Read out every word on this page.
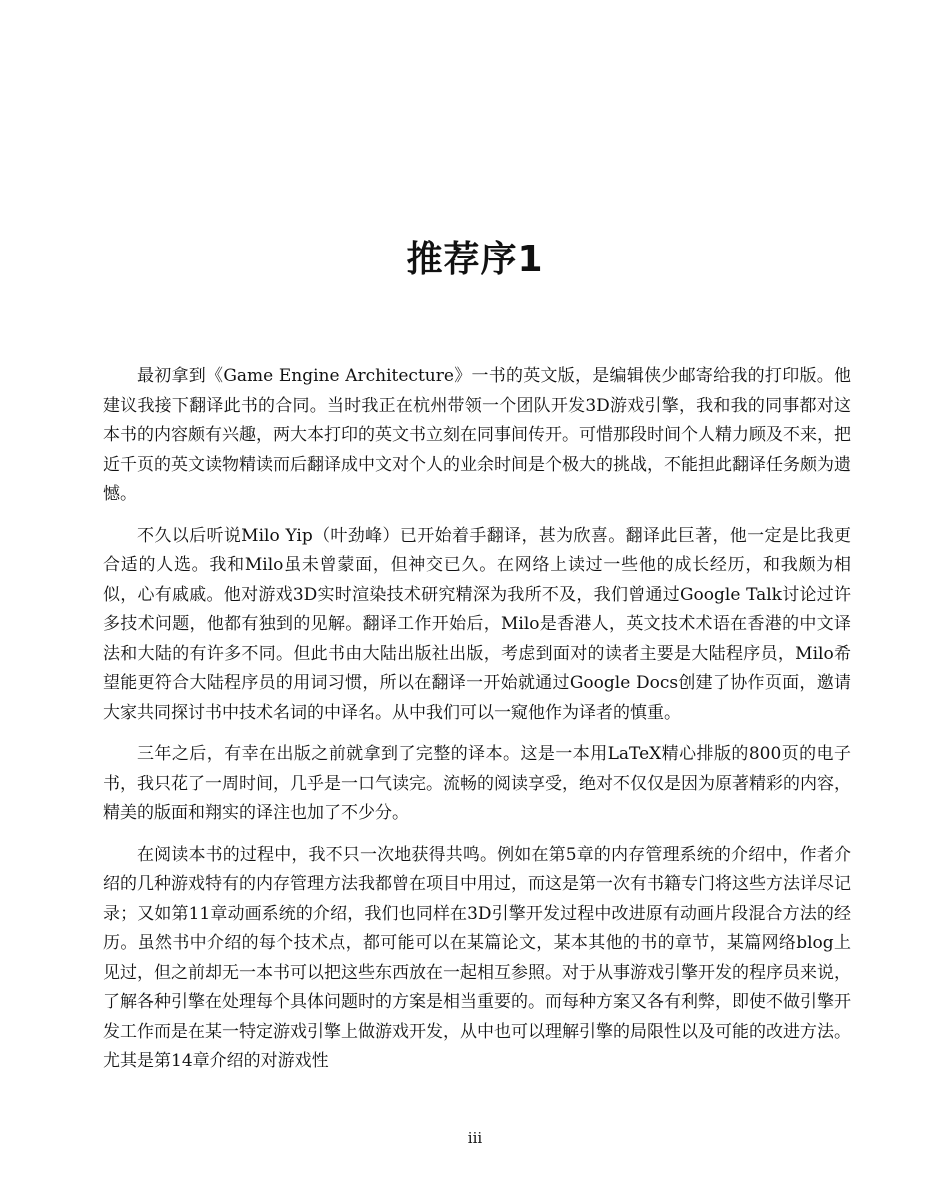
推荐序1

最初拿到《Game Engine Architecture》一书的英文版，是编辑侠少邮寄给我的打印版。他建议我接下翻译此书的合同。当时我正在杭州带领一个团队开发3D游戏引擎，我和我的同事都对这本书的内容颇有兴趣，两大本打印的英文书立刻在同事间传开。可惜那段时间个人精力顾及不来，把近千页的英文读物精读而后翻译成中文对个人的业余时间是个极大的挑战，不能担此翻译任务颇为遗憾。

不久以后听说Milo Yip（叶劲峰）已开始着手翻译，甚为欣喜。翻译此巨著，他一定是比我更合适的人选。我和Milo虽未曾蒙面，但神交已久。在网络上读过一些他的成长经历，和我颇为相似，心有戚戚。他对游戏3D实时渲染技术研究精深为我所不及，我们曾通过Google Talk讨论过许多技术问题，他都有独到的见解。翻译工作开始后，Milo是香港人，英文技术术语在香港的中文译法和大陆的有许多不同。但此书由大陆出版社出版，考虑到面对的读者主要是大陆程序员，Milo希望能更符合大陆程序员的用词习惯，所以在翻译一开始就通过Google Docs创建了协作页面，邀请大家共同探讨书中技术名词的中译名。从中我们可以一窥他作为译者的慎重。

三年之后，有幸在出版之前就拿到了完整的译本。这是一本用LaTeX精心排版的800页的电子书，我只花了一周时间，几乎是一口气读完。流畅的阅读享受，绝对不仅仅是因为原著精彩的内容，精美的版面和翔实的译注也加了不少分。

在阅读本书的过程中，我不只一次地获得共鸣。例如在第5章的内存管理系统的介绍中，作者介绍的几种游戏特有的内存管理方法我都曾在项目中用过，而这是第一次有书籍专门将这些方法详尽记录；又如第11章动画系统的介绍，我们也同样在3D引擎开发过程中改进原有动画片段混合方法的经历。虽然书中介绍的每个技术点，都可能可以在某篇论文，某本其他的书的章节，某篇网络blog上见过，但之前却无一本书可以把这些东西放在一起相互参照。对于从事游戏引擎开发的程序员来说，了解各种引擎在处理每个具体问题时的方案是相当重要的。而每种方案又各有利弊，即使不做引擎开发工作而是在某一特定游戏引擎上做游戏开发，从中也可以理解引擎的局限性以及可能的改进方法。尤其是第14章介绍的对游戏性

iii
